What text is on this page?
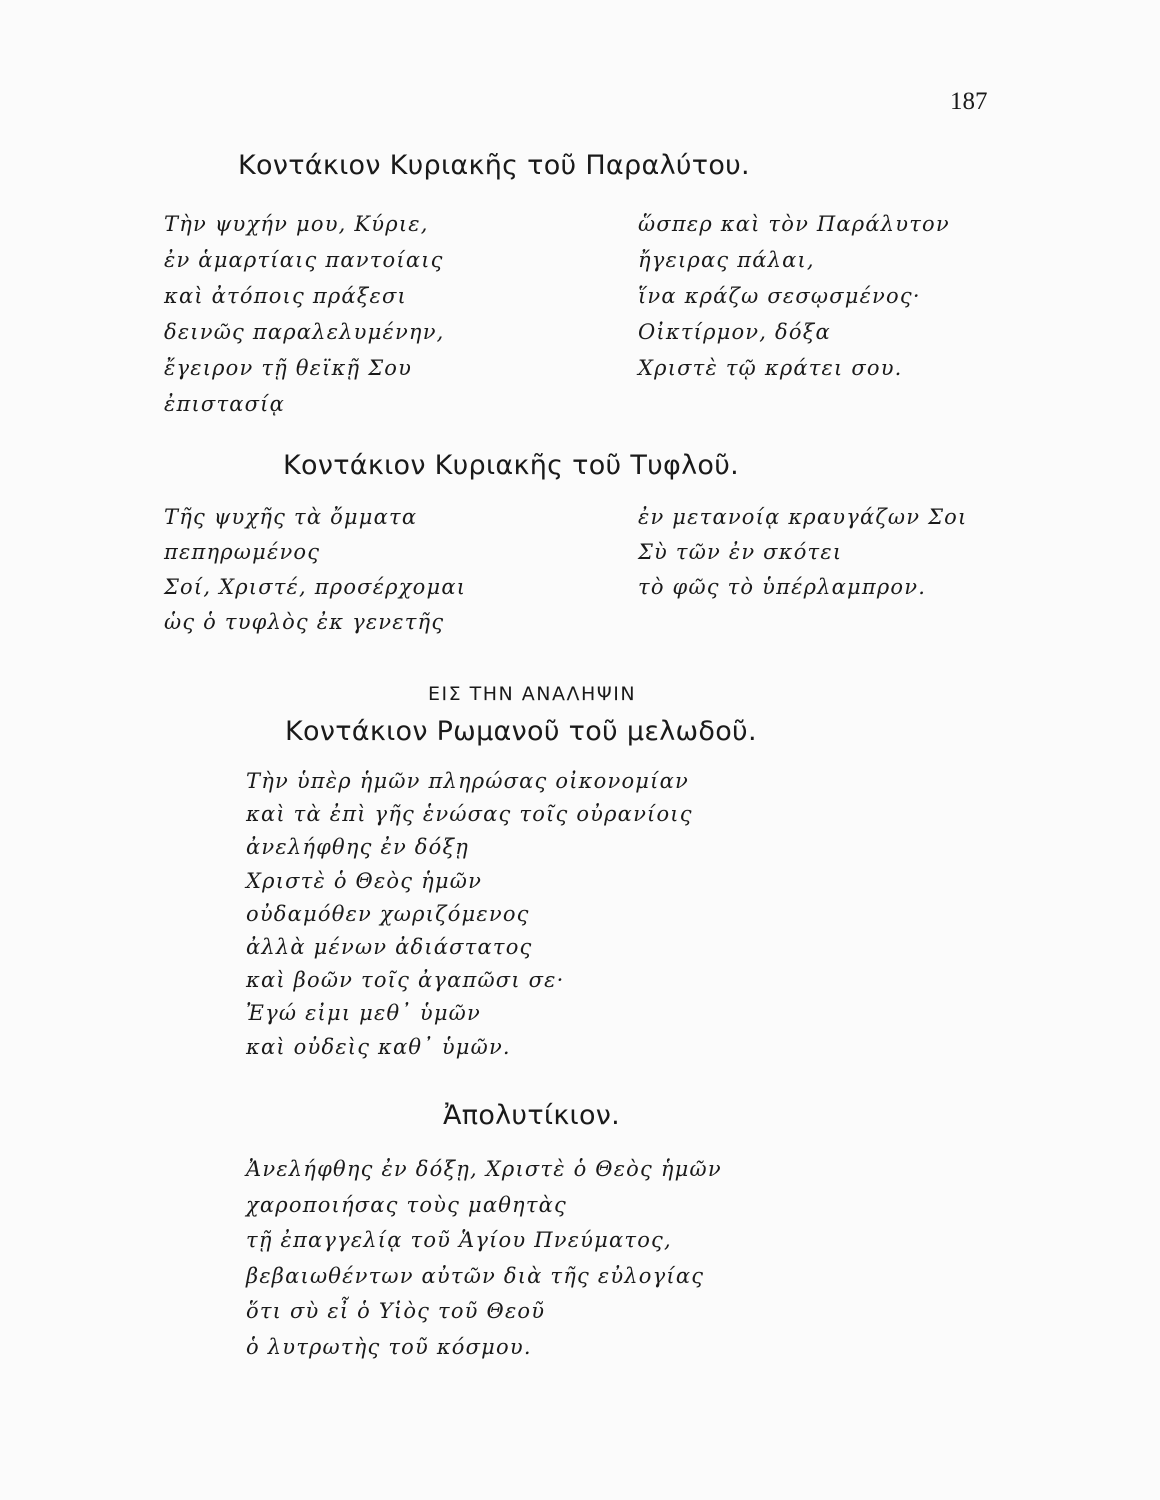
187
Κοντάκιον Κυριακῆς τοῦ Παραλύτου.
Τὴν ψυχήν μου, Κύριε,
ἐν ἁμαρτίαις παντοίαις
καὶ ἀτόποις πράξεσι
δεινῶς παραλελυμένην,
ἔγειρον τῇ θεϊκῇ Σου
ἐπιστασίᾳ
ὥσπερ καὶ τὸν Παράλυτον
ἤγειρας πάλαι,
ἵνα κράζω σεσῳσμένος·
Οἰκτίρμον, δόξα
Χριστὲ τῷ κράτει σου.
Κοντάκιον Κυριακῆς τοῦ Τυφλοῦ.
Τῆς ψυχῆς τὰ ὄμματα
πεπηρωμένος
Σοί, Χριστέ, προσέρχομαι
ὡς ὁ τυφλὸς ἐκ γενετῆς
ἐν μετανοίᾳ κραυγάζων Σοι
Σὺ τῶν ἐν σκότει
τὸ φῶς τὸ ὑπέρλαμπρον.
ΕΙΣ ΤΗΝ ΑΝΑΛΗΨΙΝ
Κοντάκιον Ρωμανοῦ τοῦ μελωδοῦ.
Τὴν ὑπὲρ ἡμῶν πληρώσας οἰκονομίαν
καὶ τὰ ἐπὶ γῆς ἑνώσας τοῖς οὐρανίοις
ἀνελήφθης ἐν δόξῃ
Χριστὲ ὁ Θεὸς ἡμῶν
οὐδαμόθεν χωριζόμενος
ἀλλὰ μένων ἀδιάστατος
καὶ βοῶν τοῖς ἀγαπῶσι σε·
Ἐγώ εἰμι μεθ᾽ ὑμῶν
καὶ οὐδεὶς καθ᾽ ὑμῶν.
Ἀπολυτίκιον.
Ἀνελήφθης ἐν δόξῃ, Χριστὲ ὁ Θεὸς ἡμῶν
χαροποιήσας τοὺς μαθητὰς
τῇ ἐπαγγελίᾳ τοῦ Ἁγίου Πνεύματος,
βεβαιωθέντων αὐτῶν διὰ τῆς εὐλογίας
ὅτι σὺ εἶ ὁ Υἱὸς τοῦ Θεοῦ
ὁ λυτρωτὴς τοῦ κόσμου.
